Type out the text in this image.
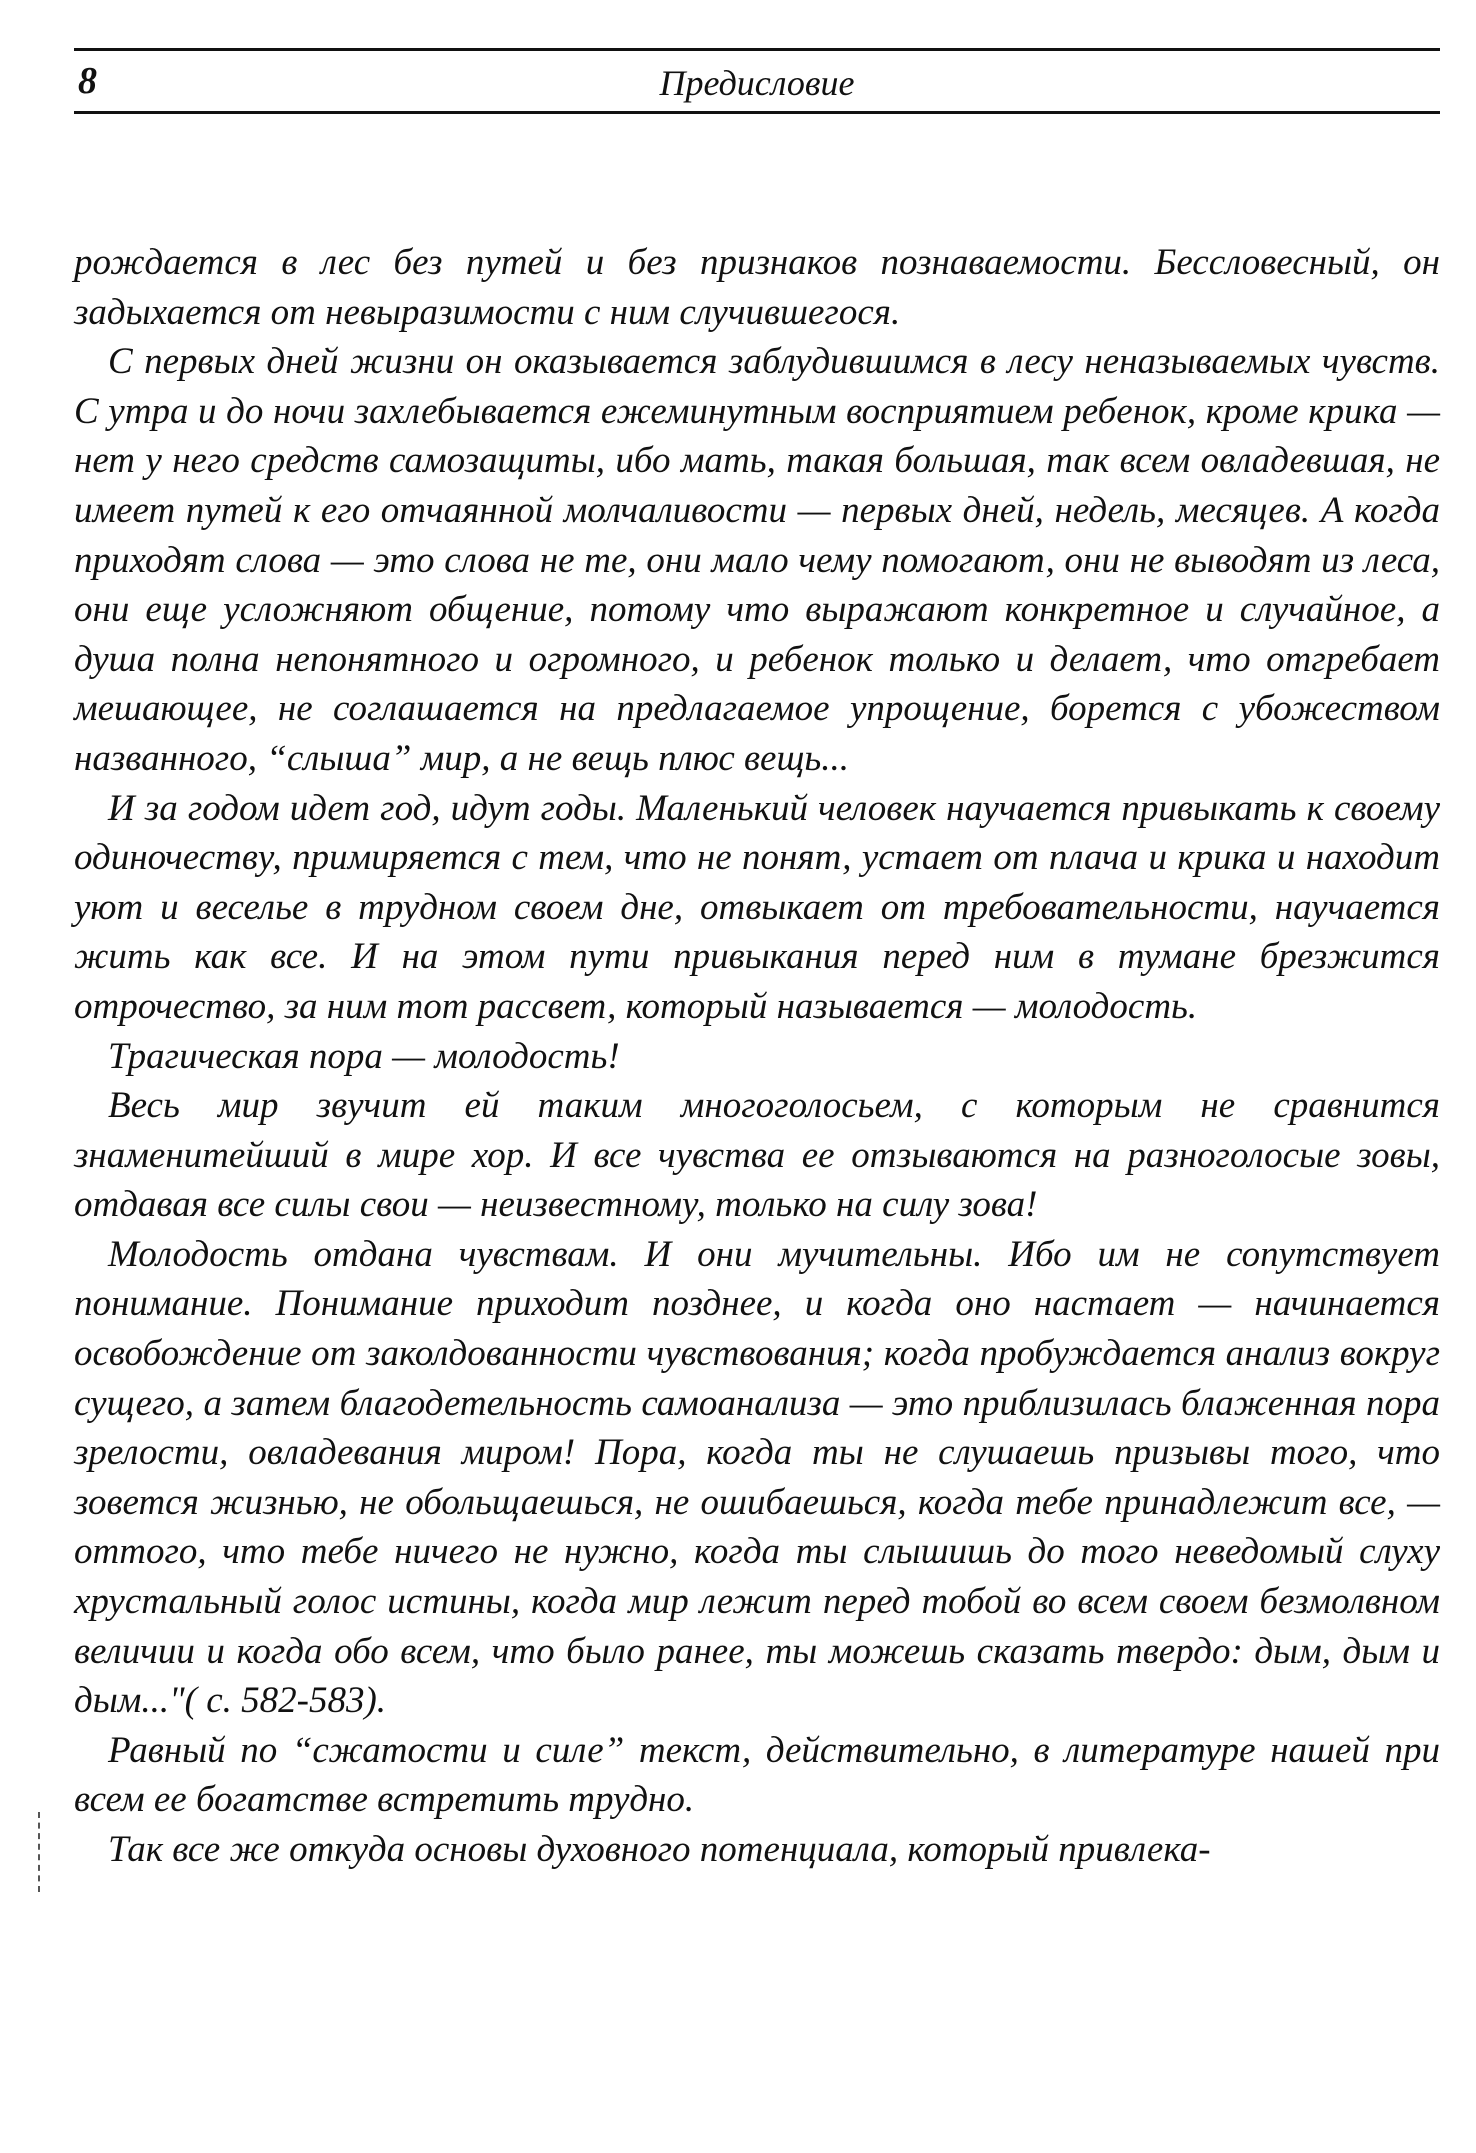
8	Предисловие

рождается в лес без путей и без признаков познаваемости. Бессловесный, он задыхается от невыразимости с ним случившегося.

С первых дней жизни он оказывается заблудившимся в лесу неназываемых чувств. С утра и до ночи захлебывается ежеминутным восприятием ребенок, кроме крика — нет у него средств самозащиты, ибо мать, такая большая, так всем овладевшая, не имеет путей к его отчаянной молчаливости — первых дней, недель, месяцев. А когда приходят слова — это слова не те, они мало чему помогают, они не выводят из леса, они еще усложняют общение, потому что выражают конкретное и случайное, а душа полна непонятного и огромного, и ребенок только и делает, что отгребает мешающее, не соглашается на предлагаемое упрощение, борется с убожеством названного, “слыша” мир, а не вещь плюс вещь...

И за годом идет год, идут годы. Маленький человек научается привыкать к своему одиночеству, примиряется с тем, что не понят, устает от плача и крика и находит уют и веселье в трудном своем дне, отвыкает от требовательности, научается жить как все. И на этом пути привыкания перед ним в тумане брезжится отрочество, за ним тот рассвет, который называется — молодость.

Трагическая пора — молодость!

Весь мир звучит ей таким многоголосьем, с которым не сравнится знаменитейший в мире хор. И все чувства ее отзываются на разноголосые зовы, отдавая все силы свои — неизвестному, только на силу зова!

Молодость отдана чувствам. И они мучительны. Ибо им не сопутствует понимание. Понимание приходит позднее, и когда оно настает — начинается освобождение от заколдованности чувствования; когда пробуждается анализ вокруг сущего, а затем благодетельность самоанализа — это приблизилась блаженная пора зрелости, овладевания миром! Пора, когда ты не слушаешь призывы того, что зовется жизнью, не обольщаешься, не ошибаешься, когда тебе принадлежит все, — оттого, что тебе ничего не нужно, когда ты слышишь до того неведомый слуху хрустальный голос истины, когда мир лежит перед тобой во всем своем безмолвном величии и когда обо всем, что было ранее, ты можешь сказать твердо: дым, дым и дым..."( с. 582-583).

Равный по “сжатости и силе” текст, действительно, в литературе нашей при всем ее богатстве встретить трудно.

Так все же откуда основы духовного потенциала, который привлека-
